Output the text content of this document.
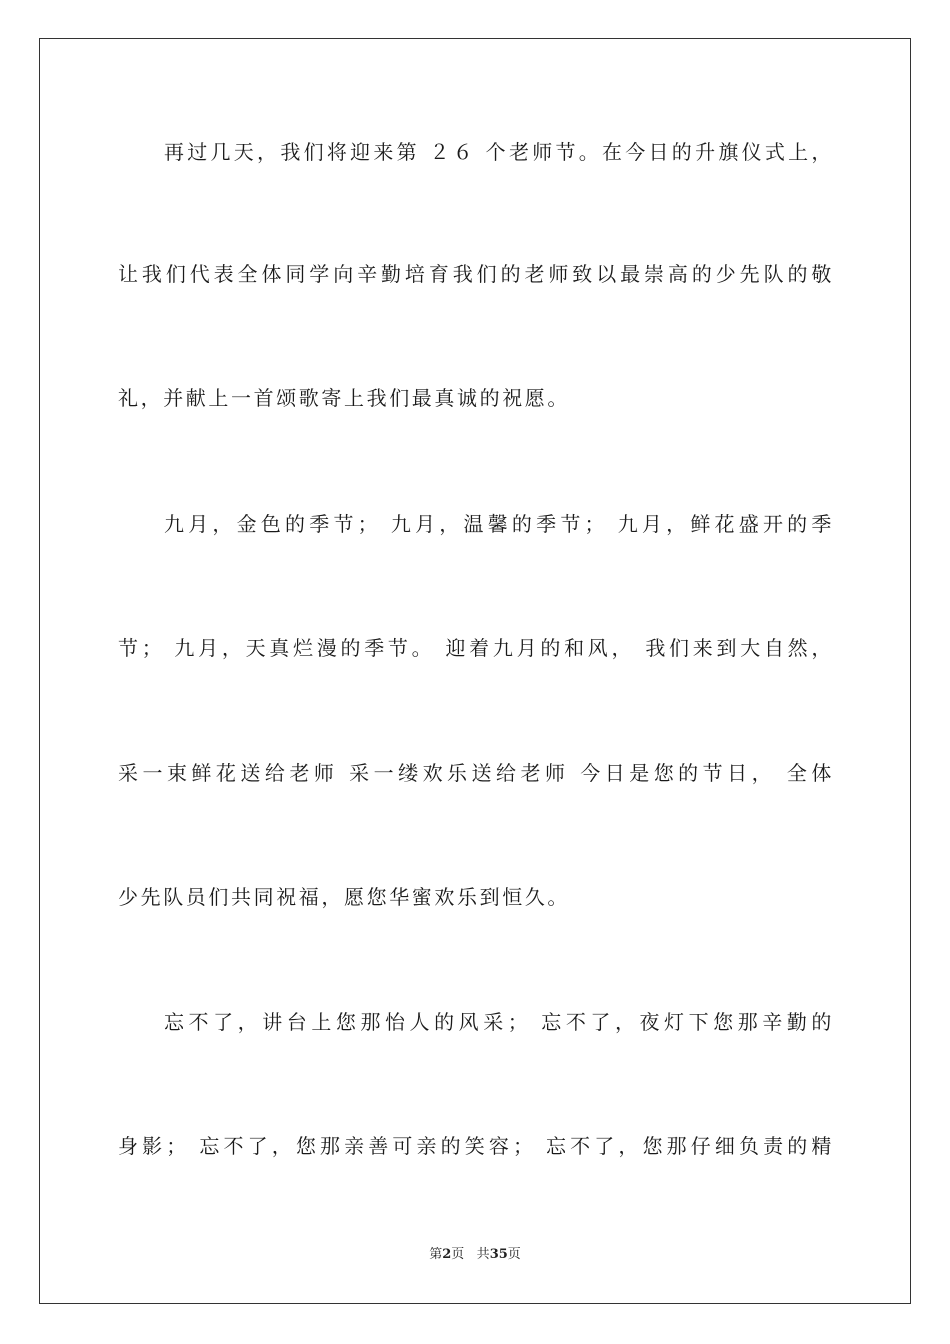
再过几天，我们将迎来第 ２６ 个老师节。在今日的升旗仪式上，
让我们代表全体同学向辛勤培育我们的老师致以最崇高的少先队的敬
礼，并献上一首颂歌寄上我们最真诚的祝愿。
九月，金色的季节； 九月，温馨的季节； 九月，鲜花盛开的季
节； 九月，天真烂漫的季节。 迎着九月的和风， 我们来到大自然，
采一束鲜花送给老师 采一缕欢乐送给老师 今日是您的节日， 全体
少先队员们共同祝福，愿您华蜜欢乐到恒久。
忘不了，讲台上您那怡人的风采； 忘不了，夜灯下您那辛勤的
身影； 忘不了，您那亲善可亲的笑容； 忘不了，您那仔细负责的精
第2页 共35页
